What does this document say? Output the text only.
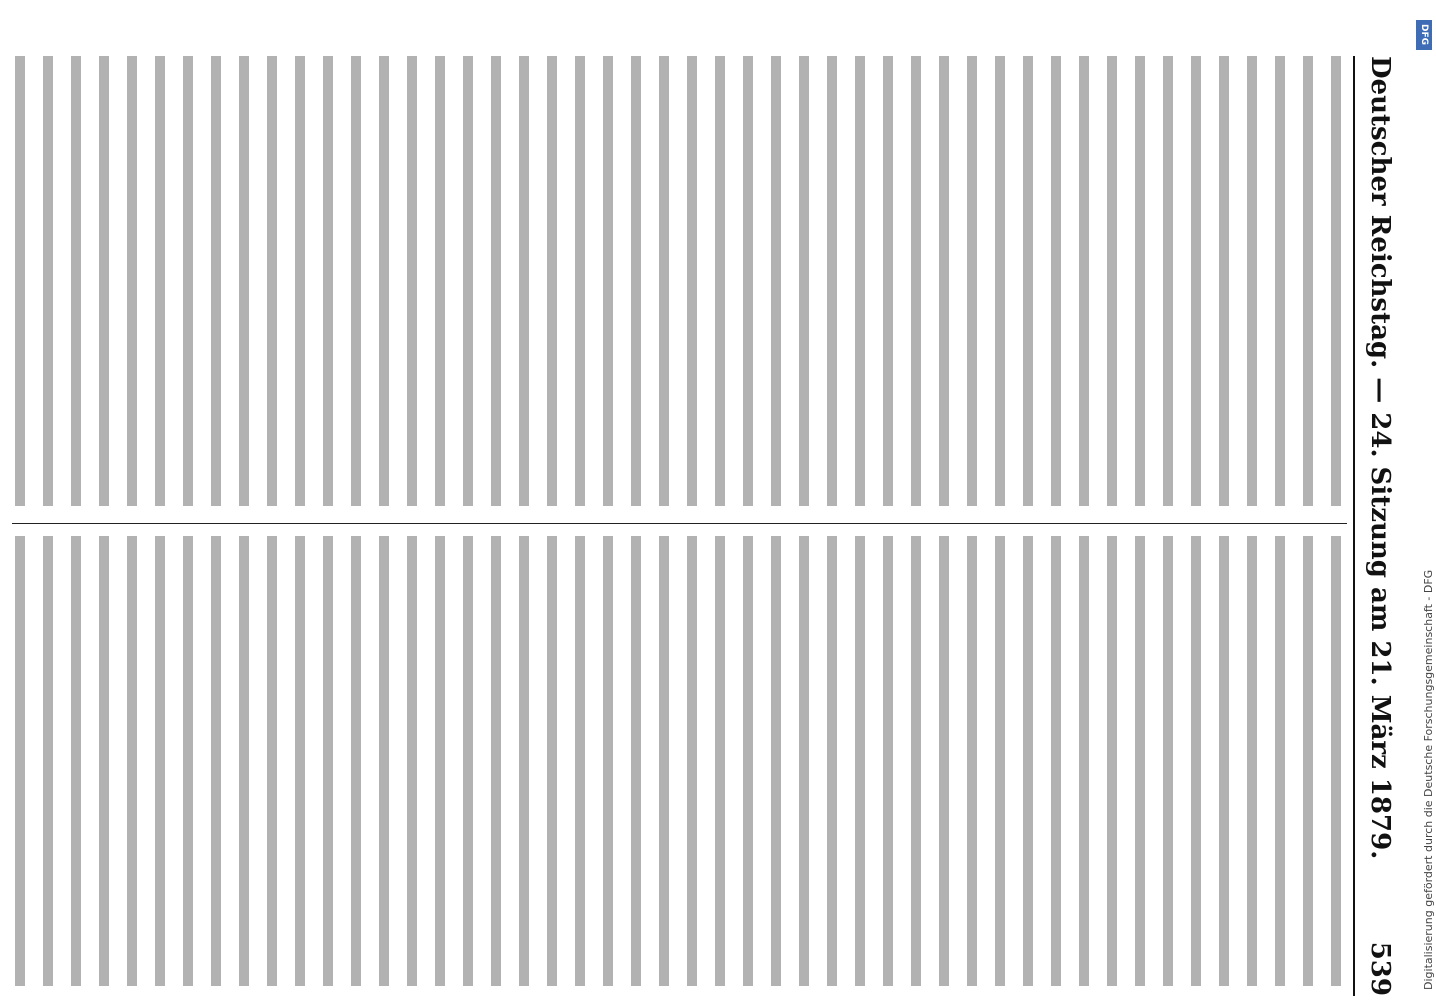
Deutscher Reichstag. — 24. Sitzung am 21. März 1879.
539 Digitalisierung gefördert durch die Deutsche Forschungsgemeinschaft - DFG
DFG
